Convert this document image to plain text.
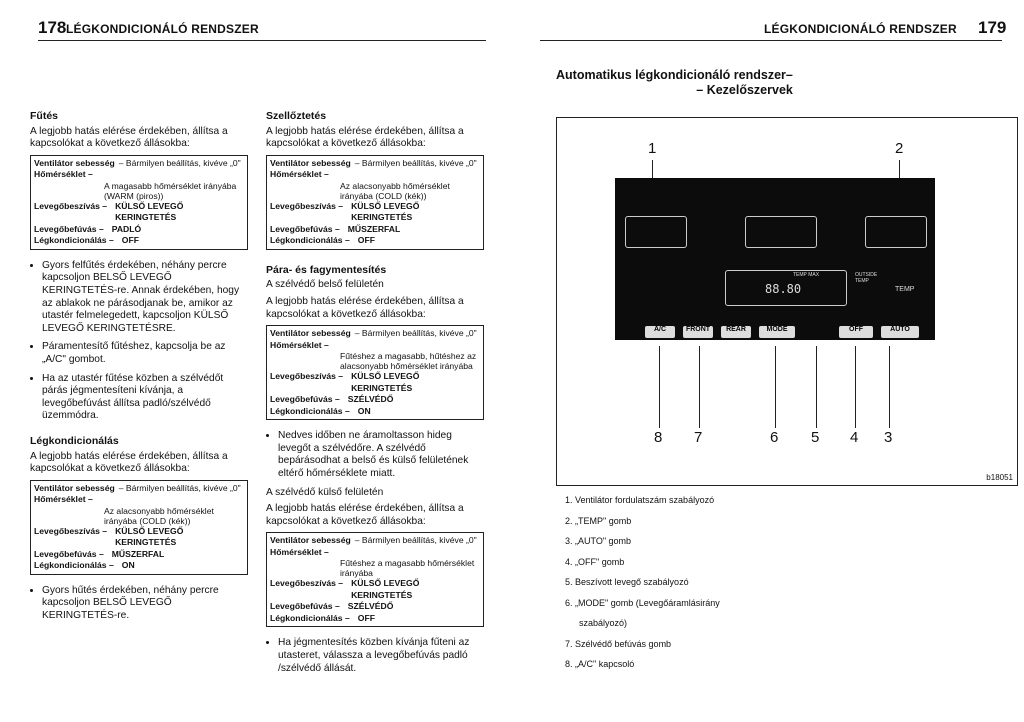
178 LÉGKONDICIONÁLÓ RENDSZER	LÉGKONDICIONÁLÓ RENDSZER 179
Fűtés
A legjobb hatás elérése érdekében, állítsa a kapcsolókat a következő állásokba:
Ventilátor sebesség – Bármilyen beállítás, kivéve „0"
Hőmérséklet –
A magasabb hőmérséklet irányába (WARM (piros))
Levegőbeszívás – KÜLSŐ LEVEGŐ KERINGTETÉS
Levegőbefúvás – PADLÓ
Légkondicionálás – OFF
• Gyors felfűtés érdekében, néhány percre kapcsoljon BELSŐ LEVEGŐ KERINGTETÉS-re. Annak érdekében, hogy az ablakok ne párásodjanak be, amikor az utastér felmelegedett, kapcsoljon KÜLSŐ LEVEGŐ KERINGTETÉSRE.
• Páramentesítő fűtéshez, kapcsolja be az „A/C" gombot.
• Ha az utastér fűtése közben a szélvédőt párás jégmentesíteni kívánja, a levegőbefúvást állítsa padló/szélvédő üzemmódra.
Légkondicionálás
A legjobb hatás elérése érdekében, állítsa a kapcsolókat a következő állásokba:
Ventilátor sebesség – Bármilyen beállítás, kivéve „0"
Hőmérséklet –
Az alacsonyabb hőmérséklet irányába (COLD (kék))
Levegőbeszívás – KÜLSŐ LEVEGŐ KERINGTETÉS
Levegőbefúvás – MŰSZERFAL
Légkondicionálás – ON
• Gyors hűtés érdekében, néhány percre kapcsoljon BELSŐ LEVEGŐ KERINGTETÉS-re.
Szellőztetés
A legjobb hatás elérése érdekében, állítsa a kapcsolókat a következő állásokba:
Ventilátor sebesség – Bármilyen beállítás, kivéve „0"
Hőmérséklet –
Az alacsonyabb hőmérséklet irányába (COLD (kék))
Levegőbeszívás – KÜLSŐ LEVEGŐ KERINGTETÉS
Levegőbefúvás – MŰSZERFAL
Légkondicionálás – OFF
Pára- és fagymentesítés
A szélvédő belső felületén
A legjobb hatás elérése érdekében, állítsa a kapcsolókat a következő állásokba:
Ventilátor sebesség – Bármilyen beállítás, kivéve „0"
Hőmérséklet –
Fűtéshez a magasabb, hűtéshez az alacsonyabb hőmérséklet irányába
Levegőbeszívás – KÜLSŐ LEVEGŐ KERINGTETÉS
Levegőbefúvás – SZÉLVÉDŐ
Légkondicionálás – ON
• Nedves időben ne áramoltasson hideg levegőt a szélvédőre. A szélvédő bepárásodhat a belső és külső felületének eltérő hőmérséklete miatt.
A szélvédő külső felületén
A legjobb hatás elérése érdekében, állítsa a kapcsolókat a következő állásokba:
Ventilátor sebesség – Bármilyen beállítás, kivéve „0"
Hőmérséklet –
Fűtéshez a magasabb hőmérséklet irányába
Levegőbeszívás – KÜLSŐ LEVEGŐ KERINGTETÉS
Levegőbefúvás – SZÉLVÉDŐ
Légkondicionálás – OFF
• Ha jégmentesítés közben kívánja fűteni az utasteret, válassza a levegőbefúvás padló /szélvédő állását.
Automatikus légkondicionáló rendszer–
– Kezelőszervek
1	2
88.80
TEMP MAX	OUTSIDE TEMP
TEMP
A/C	FRONT	REAR	MODE	OFF	AUTO
8 7	6 5 4 3
b18051
1. Ventilátor fordulatszám szabályozó
2. „TEMP" gomb
3. „AUTO" gomb
4. „OFF" gomb
5. Beszívott levegő szabályozó
6. „MODE" gomb (Levegőáramlásirány
szabályozó)
7. Szélvédő befúvás gomb
8. „A/C" kapcsoló
